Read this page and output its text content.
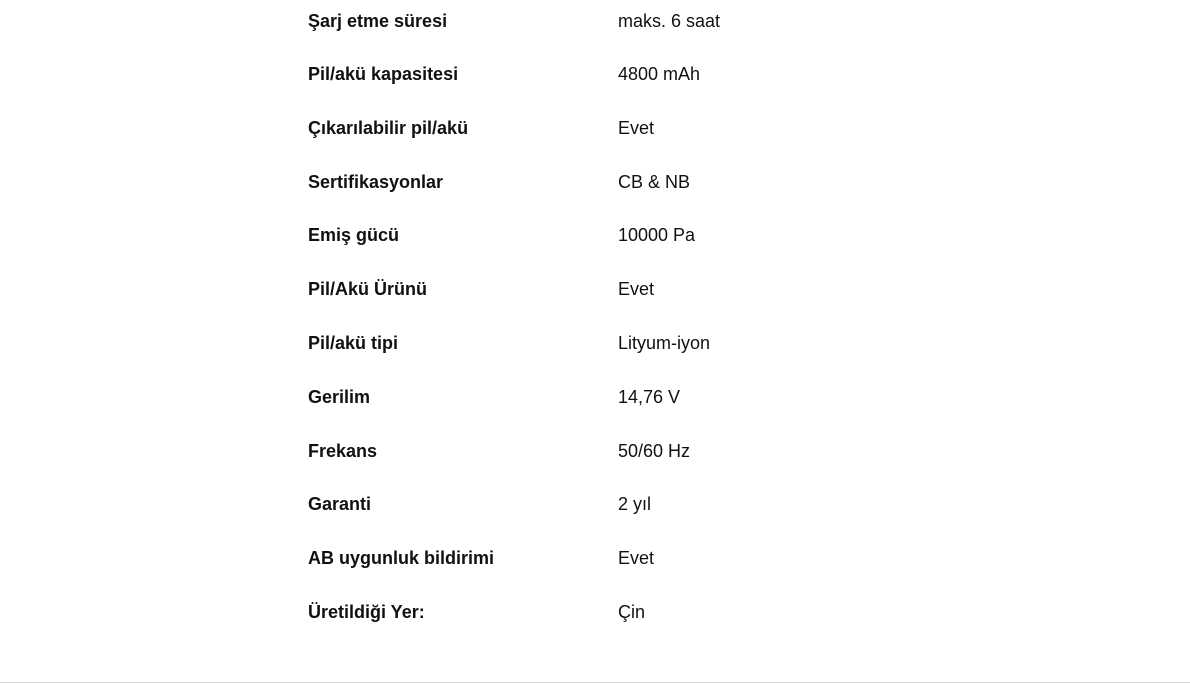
Şarj etme süresi	maks. 6 saat
Pil/akü kapasitesi	4800 mAh
Çıkarılabilir pil/akü	Evet
Sertifikasyonlar	CB & NB
Emiş gücü	10000 Pa
Pil/Akü Ürünü	Evet
Pil/akü tipi	Lityum-iyon
Gerilim	14,76 V
Frekans	50/60 Hz
Garanti	2 yıl
AB uygunluk bildirimi	Evet
Üretildiği Yer:	Çin
